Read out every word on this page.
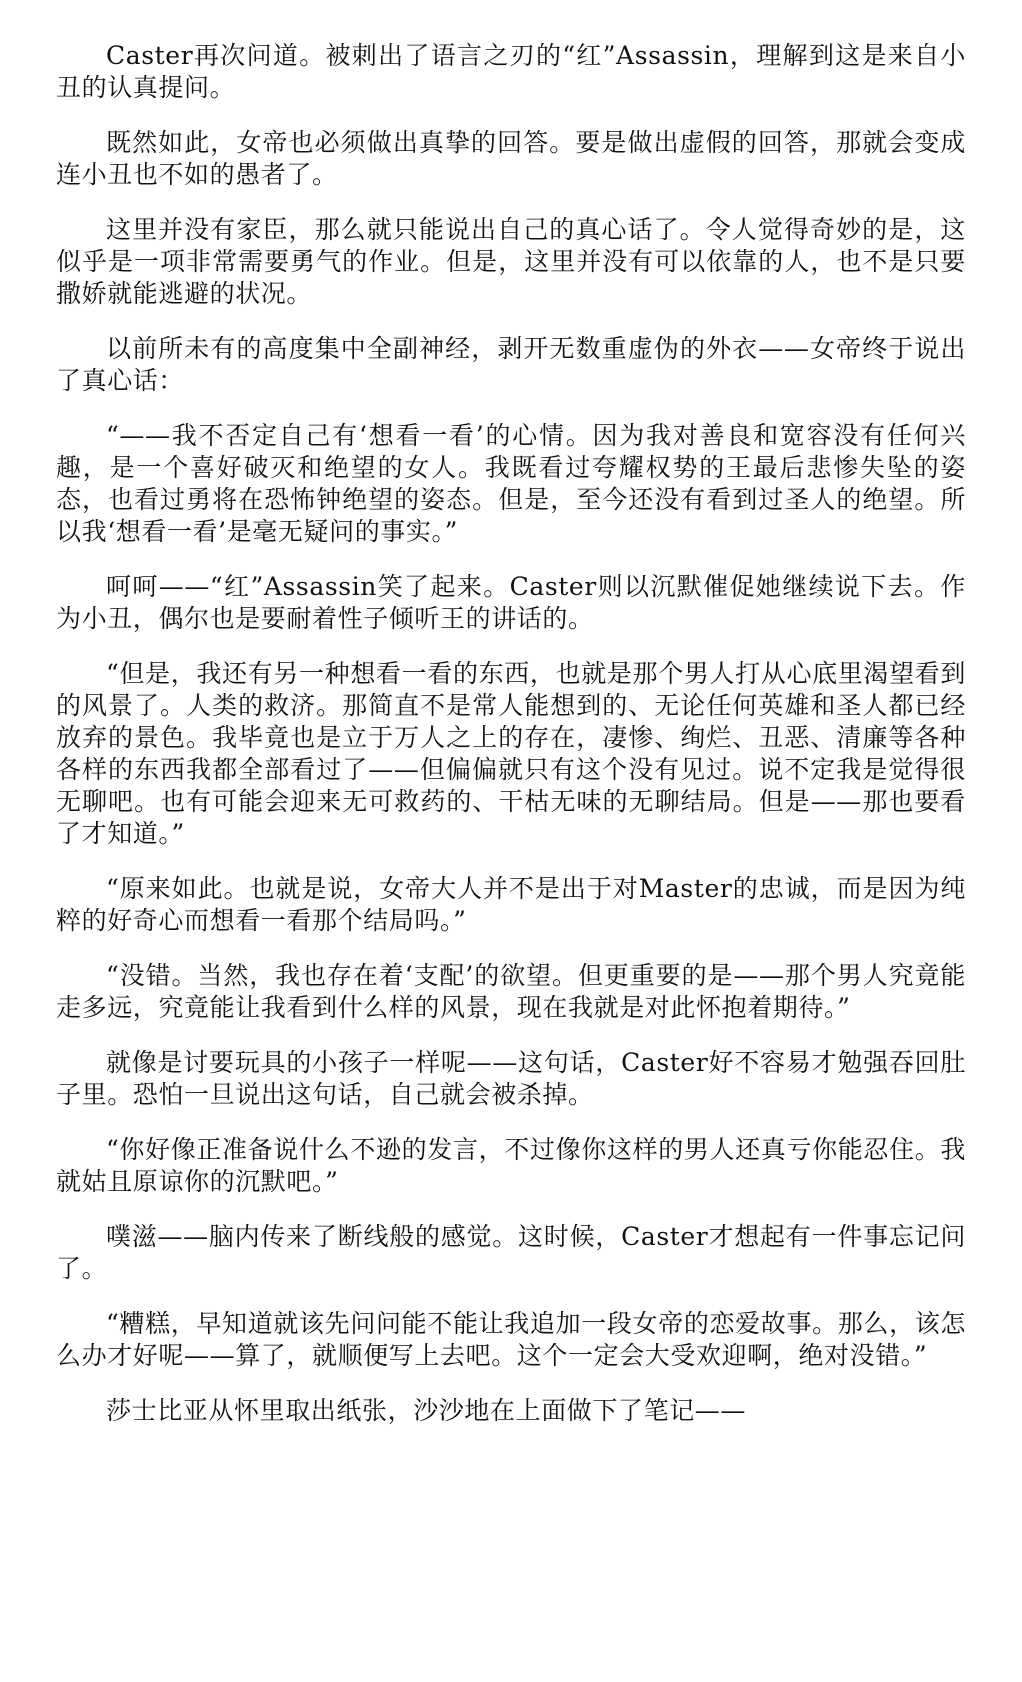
Caster再次问道。被刺出了语言之刃的“红”Assassin，理解到这是来自小丑的认真提问。

既然如此，女帝也必须做出真挚的回答。要是做出虚假的回答，那就会变成连小丑也不如的愚者了。

这里并没有家臣，那么就只能说出自己的真心话了。令人觉得奇妙的是，这似乎是一项非常需要勇气的作业。但是，这里并没有可以依靠的人，也不是只要撒娇就能逃避的状况。

以前所未有的高度集中全副神经，剥开无数重虚伪的外衣——女帝终于说出了真心话：

“——我不否定自己有‘想看一看’的心情。因为我对善良和宽容没有任何兴趣，是一个喜好破灭和绝望的女人。我既看过夸耀权势的王最后悲惨失坠的姿态，也看过勇将在恐怖钟绝望的姿态。但是，至今还没有看到过圣人的绝望。所以我‘想看一看’是毫无疑问的事实。”

呵呵——“红”Assassin笑了起来。Caster则以沉默催促她继续说下去。作为小丑，偶尔也是要耐着性子倾听王的讲话的。

“但是，我还有另一种想看一看的东西，也就是那个男人打从心底里渴望看到的风景了。人类的救济。那简直不是常人能想到的、无论任何英雄和圣人都已经放弃的景色。我毕竟也是立于万人之上的存在，凄惨、绚烂、丑恶、清廉等各种各样的东西我都全部看过了——但偏偏就只有这个没有见过。说不定我是觉得很无聊吧。也有可能会迎来无可救药的、干枯无味的无聊结局。但是——那也要看了才知道。”

“原来如此。也就是说，女帝大人并不是出于对Master的忠诚，而是因为纯粹的好奇心而想看一看那个结局吗。”

“没错。当然，我也存在着‘支配’的欲望。但更重要的是——那个男人究竟能走多远，究竟能让我看到什么样的风景，现在我就是对此怀抱着期待。”

就像是讨要玩具的小孩子一样呢——这句话，Caster好不容易才勉强吞回肚子里。恐怕一旦说出这句话，自己就会被杀掉。

“你好像正准备说什么不逊的发言，不过像你这样的男人还真亏你能忍住。我就姑且原谅你的沉默吧。”

噗滋——脑内传来了断线般的感觉。这时候，Caster才想起有一件事忘记问了。

“糟糕，早知道就该先问问能不能让我追加一段女帝的恋爱故事。那么，该怎么办才好呢——算了，就顺便写上去吧。这个一定会大受欢迎啊，绝对没错。”

莎士比亚从怀里取出纸张，沙沙地在上面做下了笔记——
